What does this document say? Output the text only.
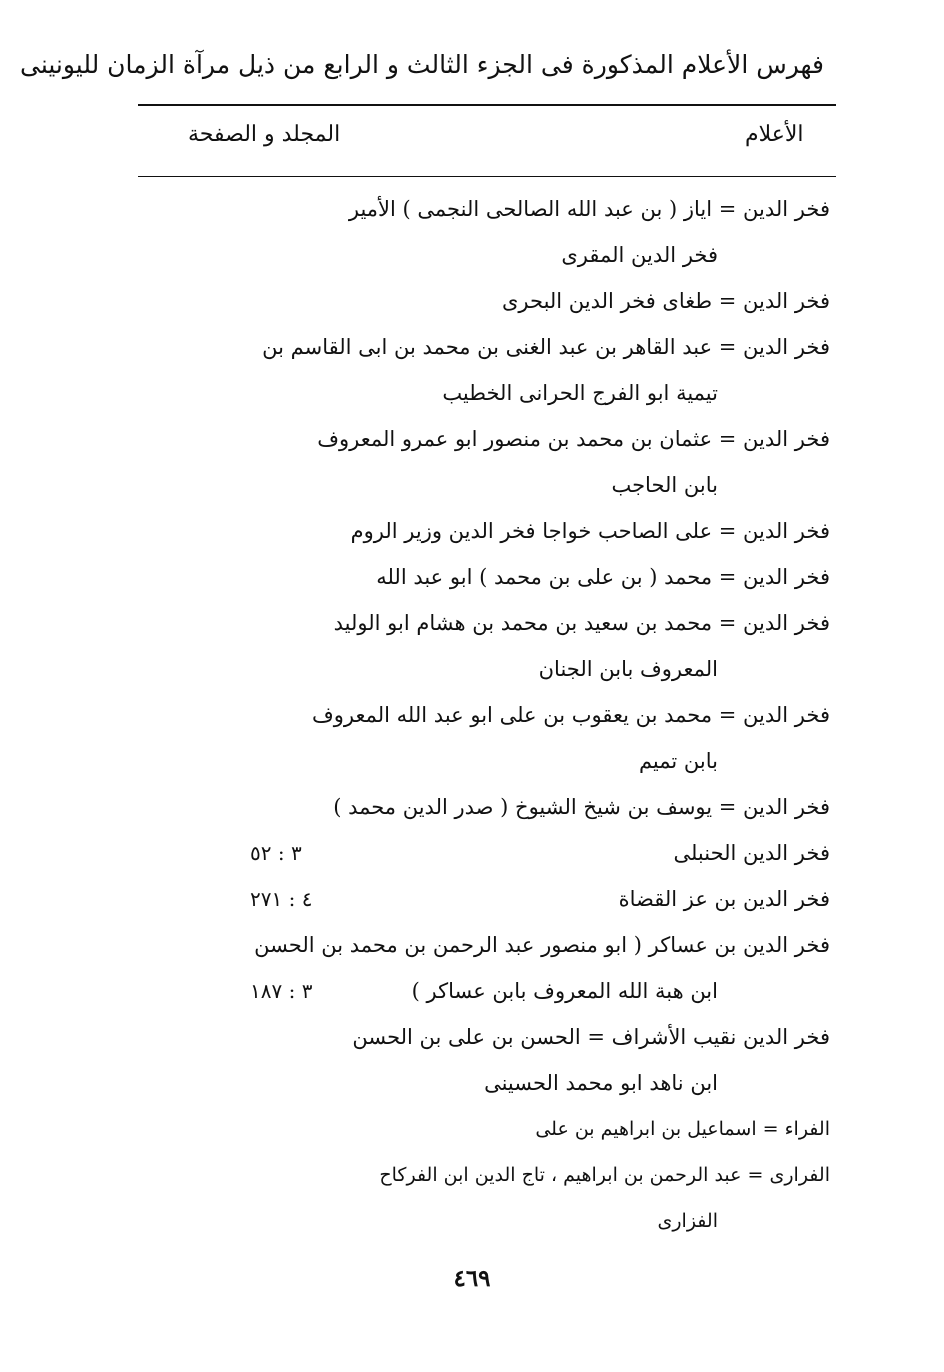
فهرس الأعلام المذكورة فى الجزء الثالث و الرابع من ذيل مرآة الزمان لليونينى
الأعلام
المجلد و الصفحة
فخر الدين = اياز ( بن عبد الله الصالحى النجمى ) الأمير
فخر الدين المقرى
فخر الدين = طغاى فخر الدين البحرى
فخر الدين = عبد القاهر بن عبد الغنى بن محمد بن ابى القاسم بن
تيمية ابو الفرج الحرانى الخطيب
فخر الدين = عثمان بن محمد بن منصور ابو عمرو المعروف
بابن الحاجب
فخر الدين = على الصاحب خواجا فخر الدين وزير الروم
فخر الدين = محمد ( بن على بن محمد ) ابو عبد الله
فخر الدين = محمد بن سعيد بن محمد بن هشام ابو الوليد
المعروف بابن الجنان
فخر الدين = محمد بن يعقوب بن على ابو عبد الله المعروف
بابن تميم
فخر الدين = يوسف بن شيخ الشيوخ ( صدر الدين محمد )
فخر الدين الحنبلى
٣ : ٥٢
فخر الدين بن عز القضاة
٤ : ٢٧١
فخر الدين بن عساكر ( ابو منصور عبد الرحمن بن محمد بن الحسن
ابن هبة الله المعروف بابن عساكر )
٣ : ١٨٧
فخر الدين نقيب الأشراف = الحسن بن على بن الحسن
ابن ناهد ابو محمد الحسينى
الفراء = اسماعيل بن ابراهيم بن على
الفرارى = عبد الرحمن بن ابراهيم ، تاج الدين ابن الفركاح
الفزارى
٤٦٩
